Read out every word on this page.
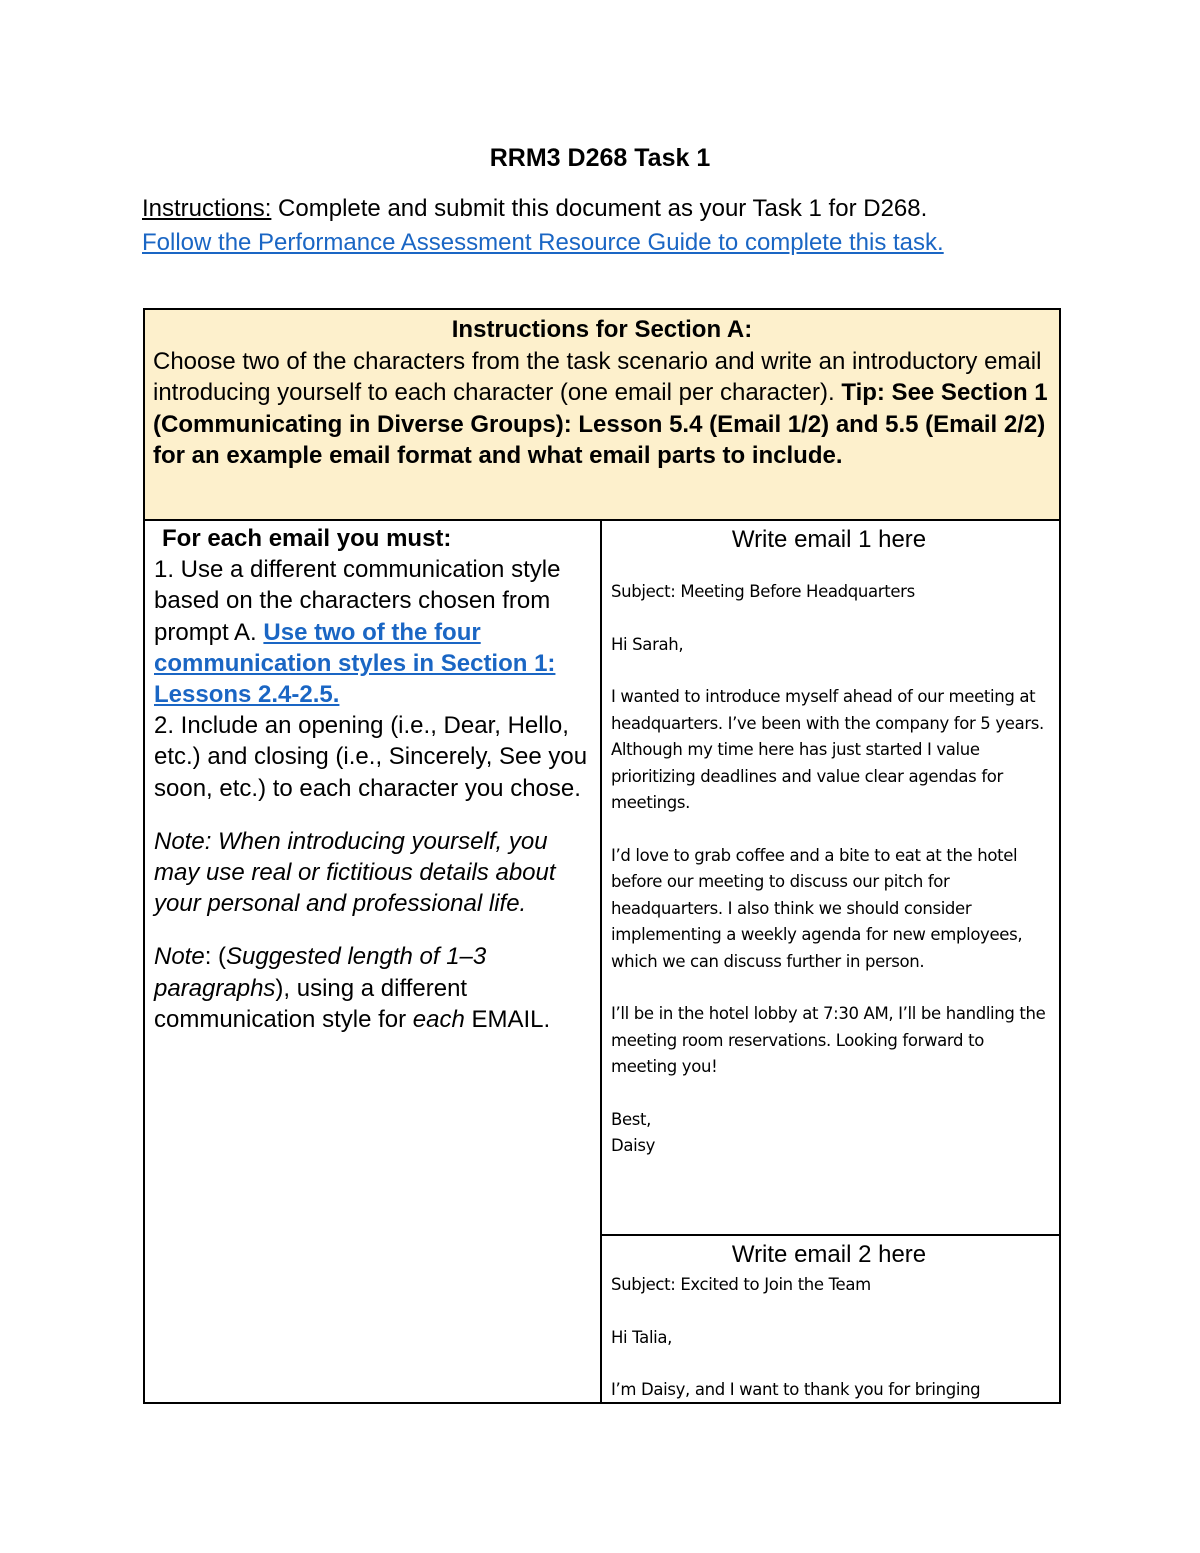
RRM3 D268 Task 1
Instructions: Complete and submit this document as your Task 1 for D268.
Follow the Performance Assessment Resource Guide to complete this task.
Instructions for Section A:
Choose two of the characters from the task scenario and write an introductory email introducing yourself to each character (one email per character). Tip: See Section 1 (Communicating in Diverse Groups): Lesson 5.4 (Email 1/2) and 5.5 (Email 2/2) for an example email format and what email parts to include.

For each email you must:

1. Use a different communication style based on the characters chosen from prompt A. Use two of the four communication styles in Section 1: Lessons 2.4-2.5.

2. Include an opening (i.e., Dear, Hello, etc.) and closing (i.e., Sincerely, See you soon, etc.) to each character you chose.

Note: When introducing yourself, you may use real or fictitious details about your personal and professional life.

Note: (Suggested length of 1–3 paragraphs), using a different communication style for each EMAIL.

Write email 1 here

Subject: Meeting Before Headquarters

Hi Sarah,

I wanted to introduce myself ahead of our meeting at headquarters. I’ve been with the company for 5 years. Although my time here has just started I value prioritizing deadlines and value clear agendas for meetings.

I’d love to grab coffee and a bite to eat at the hotel before our meeting to discuss our pitch for headquarters. I also think we should consider implementing a weekly agenda for new employees, which we can discuss further in person.

I’ll be in the hotel lobby at 7:30 AM, I’ll be handling the meeting room reservations. Looking forward to meeting you!

Best,
Daisy

Write email 2 here

Subject: Excited to Join the Team

Hi Talia,

I’m Daisy, and I want to thank you for bringing
